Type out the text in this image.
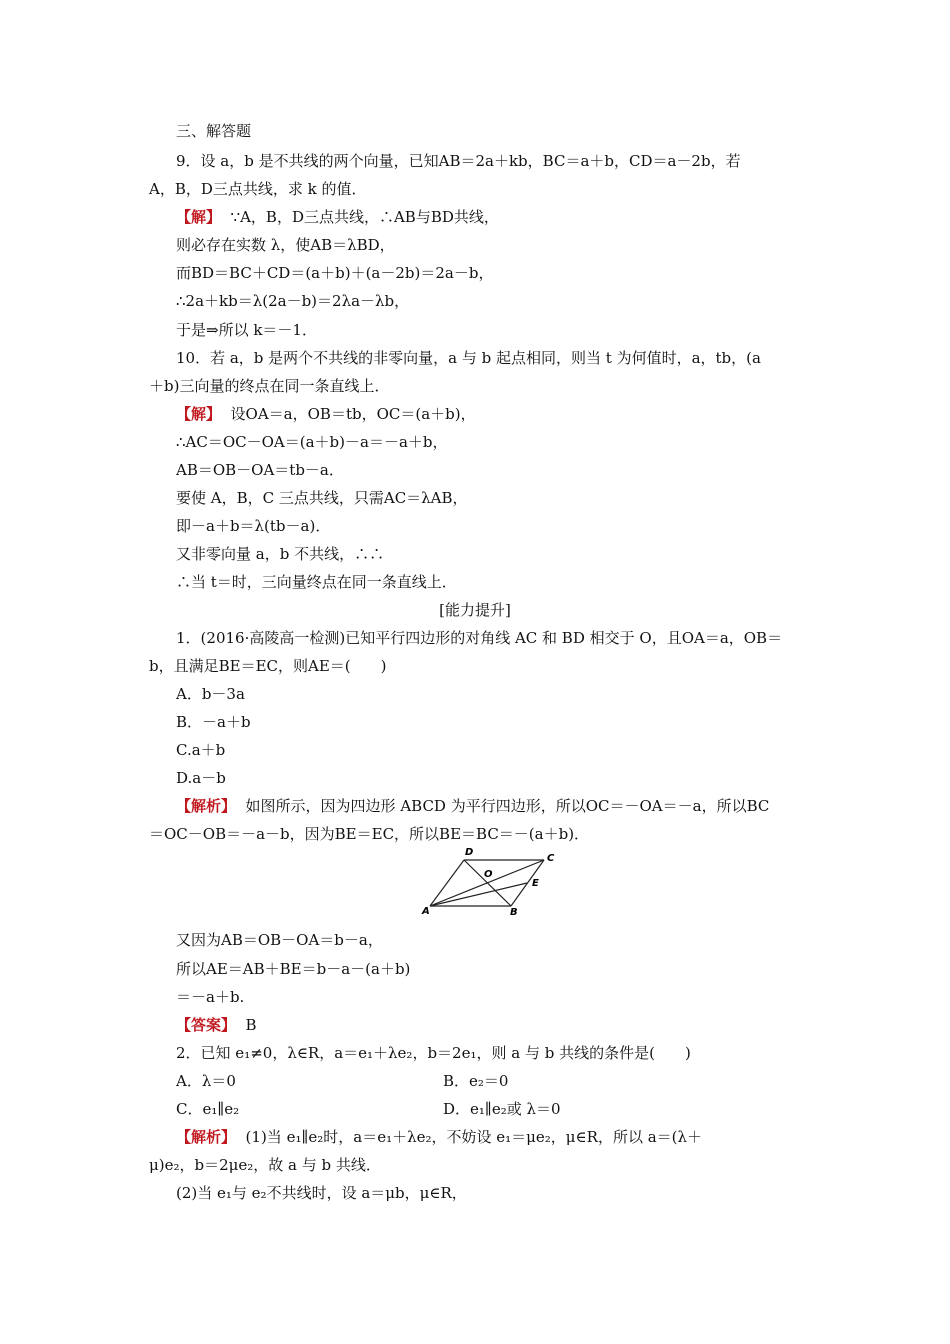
三、解答题
9．设 a，b 是不共线的两个向量，已知AB＝2a＋kb，BC＝a＋b，CD＝a－2b，若
A，B，D三点共线，求 k 的值．
【解】  ∵A，B，D三点共线，∴AB与BD共线，
则必存在实数 λ，使AB＝λBD，
而BD＝BC＋CD＝(a＋b)＋(a－2b)＝2a－b，
∴2a＋kb＝λ(2a－b)＝2λa－λb，
于是⇒所以 k＝－1．
10．若 a，b 是两个不共线的非零向量，a 与 b 起点相同，则当 t 为何值时，a，tb，(a
＋b)三向量的终点在同一条直线上．
【解】  设OA＝a，OB＝tb，OC＝(a＋b)，
∴AC＝OC－OA＝(a＋b)－a＝－a＋b，
AB＝OB－OA＝tb－a．
要使 A，B，C 三点共线，只需AC＝λAB，
即－a＋b＝λ(tb－a)．
又非零向量 a，b 不共线，∴∴
∴当 t＝时，三向量终点在同一条直线上．
[能力提升]
1．(2016·高陵高一检测)已知平行四边形的对角线 AC 和 BD 相交于 O，且OA＝a，OB＝
b，且满足BE＝EC，则AE＝(　　)
A．b－3a
B．－a＋b
C.a＋b
D.a－b
【解析】  如图所示，因为四边形 ABCD 为平行四边形，所以OC＝－OA＝－a，所以BC
＝OC－OB＝－a－b，因为BE＝EC，所以BE＝BC＝－(a＋b)．
A	B
C
D
O
E
又因为AB＝OB－OA＝b－a，
所以AE＝AB＋BE＝b－a－(a＋b)
＝－a＋b.
【答案】  B
2．已知 e₁≠0，λ∈R，a＝e₁＋λe₂，b＝2e₁，则 a 与 b 共线的条件是(　　)
A．λ＝0	B．e₂＝0
C．e₁∥e₂	D．e₁∥e₂或 λ＝0
【解析】  (1)当 e₁∥e₂时，a＝e₁＋λe₂，不妨设 e₁＝μe₂，μ∈R，所以 a＝(λ＋
μ)e₂，b＝2μe₂，故 a 与 b 共线．
(2)当 e₁与 e₂不共线时，设 a＝μb，μ∈R，
